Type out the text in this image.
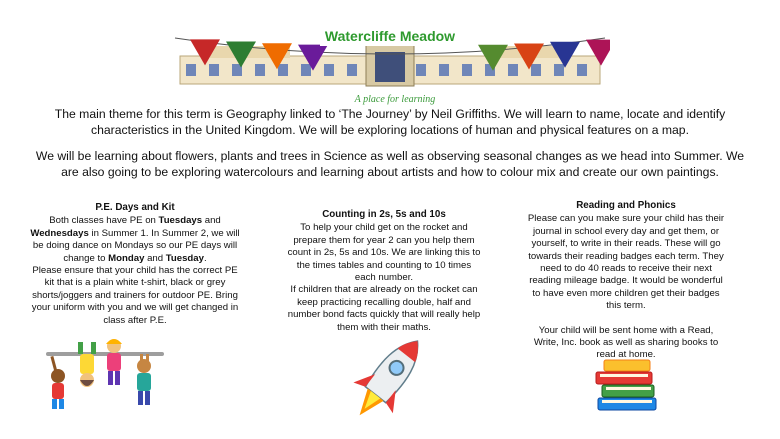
Watercliffe Meadow
A place for learning
The main theme for this term is Geography linked to ‘The Journey’ by Neil Griffiths. We will learn to name, locate and identify characteristics in the United Kingdom. We will be exploring locations of human and physical features on a map.
We will be learning about flowers, plants and trees in Science as well as observing seasonal changes as we head into Summer. We are also going to be exploring watercolours and learning about artists and how to colour mix and create our own paintings.
P.E. Days and Kit

Both classes have PE on Tuesdays and Wednesdays in Summer 1. In Summer 2, we will be doing dance on Mondays so our PE days will change to Monday and Tuesday.

Please ensure that your child has the correct PE kit that is a plain white t-shirt, black or grey shorts/joggers and trainers for outdoor PE. Bring your uniform with you and we will get changed in class after P.E.

Counting in 2s, 5s and 10s

To help your child get on the rocket and prepare them for year 2 can you help them count in 2s, 5s and 10s. We are linking this to the times tables and counting to 10 times each number.

If children that are already on the rocket can keep practicing recalling double, half and number bond facts quickly that will really help them with their maths.

Reading and Phonics

Please can you make sure your child has their journal in school every day and get them, or yourself, to write in their reads. These will go towards their reading badges each term. They need to do 40 reads to receive their next reading mileage badge. It would be wonderful to have even more children get their badges this term.

Your child will be sent home with a Read, Write, Inc. book as well as sharing books to read at home.
